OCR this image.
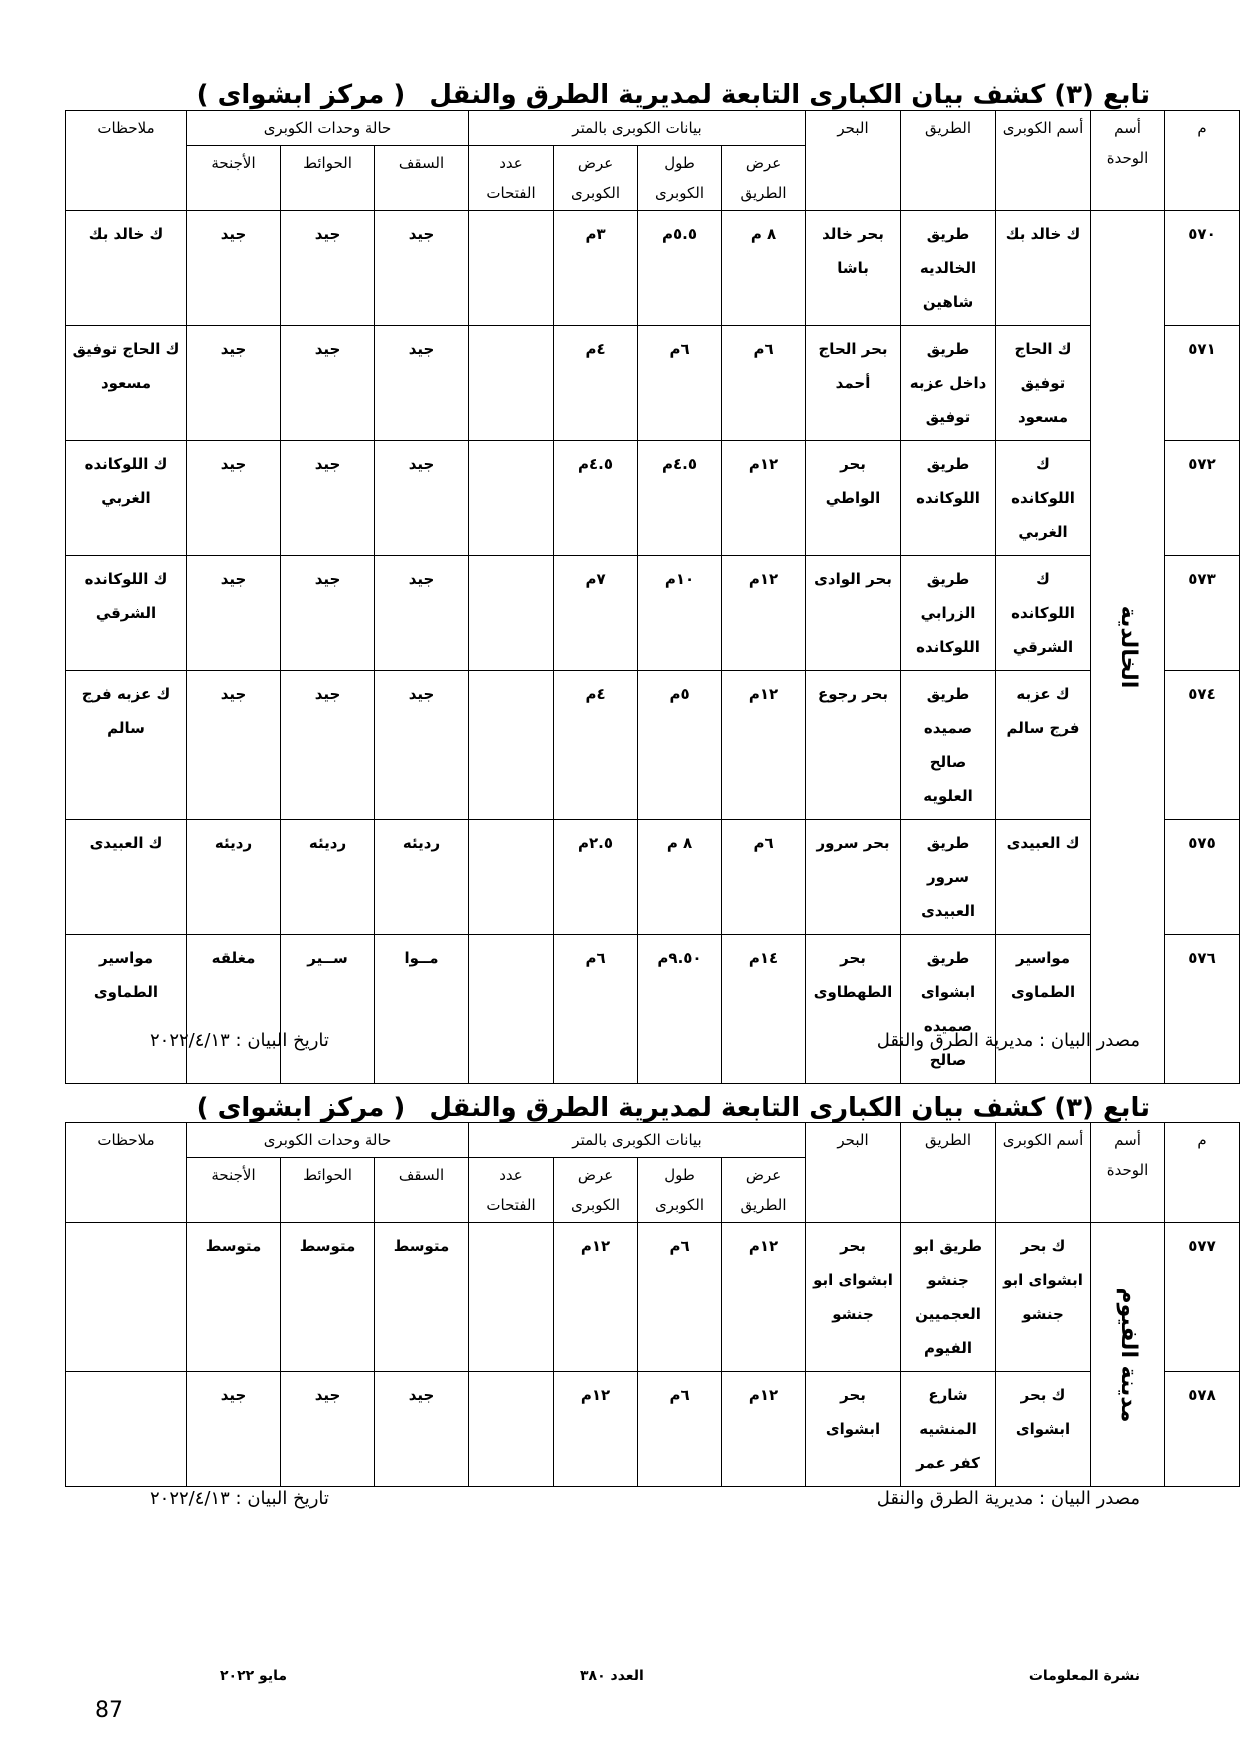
تابع (٣) كشف بيان الكبارى التابعة لمديرية الطرق والنقل( مركز ابشواى )
م	أسم الوحدة	أسم الكوبرى	الطريق	البحر	بيانات الكوبرى بالمتر				حالة وحدات الكوبرى			ملاحظات
					عرض الطريق	طول الكوبرى	عرض الكوبرى	عدد الفتحات	السقف	الحوائط	الأجنحة	
٥٧٠	الخالدية	ك خالد بك	طريق الخالديه شاهين	بحر خالد باشا	٨ م	٥.٥م	٣م		جيد	جيد	جيد	ك خالد بك
٥٧١		ك الحاج توفيق مسعود	طريق داخل عزبه توفيق	بحر الحاج أحمد	٦م	٦م	٤م		جيد	جيد	جيد	ك الحاج توفيق مسعود
٥٧٢		ك اللوكانده الغربي	طريق اللوكانده	بحر الواطي	١٢م	٤.٥م	٤.٥م		جيد	جيد	جيد	ك اللوكانده الغربي
٥٧٣		ك اللوكانده الشرقي	طريق الزرابي اللوكانده	بحر الوادى	١٢م	١٠م	٧م		جيد	جيد	جيد	ك اللوكانده الشرقي
٥٧٤		ك عزبه فرج سالم	طريق صميده صالح العلويه	بحر رجوع	١٢م	٥م	٤م		جيد	جيد	جيد	ك عزبه فرج سالم
٥٧٥		ك العبيدى	طريق سرور العبيدى	بحر سرور	٦م	٨ م	٢.٥م		رديئه	رديئه	رديئه	ك العبيدى
٥٧٦		مواسير الطماوى	طريق ابشواى صميده صالح	بحر الطهطاوى	١٤م	٩.٥٠م	٦م		مــوا	ســير	مغلقه	مواسير الطماوى
مصدر البيان : مديرية الطرق والنقل
تاريخ البيان : ٢٠٢٢/٤/١٣
تابع (٣) كشف بيان الكبارى التابعة لمديرية الطرق والنقل( مركز ابشواى )
م	أسم الوحدة	أسم الكوبرى	الطريق	البحر	بيانات الكوبرى بالمتر				حالة وحدات الكوبرى			ملاحظات
					عرض الطريق	طول الكوبرى	عرض الكوبرى	عدد الفتحات	السقف	الحوائط	الأجنحة	
٥٧٧	مدينة الفيوم	ك بحر ابشواى ابو جنشو	طريق ابو جنشو العجميين الفيوم	بحر ابشواى ابو جنشو	١٢م	٦م	١٢م		متوسط	متوسط	متوسط	
٥٧٨		ك بحر ابشواى	شارع المنشيه كفر عمر	بحر ابشواى	١٢م	٦م	١٢م		جيد	جيد	جيد	
مصدر البيان : مديرية الطرق والنقل
تاريخ البيان : ٢٠٢٢/٤/١٣
نشرة المعلومات
العدد ٣٨٠
مايو ٢٠٢٢
87
